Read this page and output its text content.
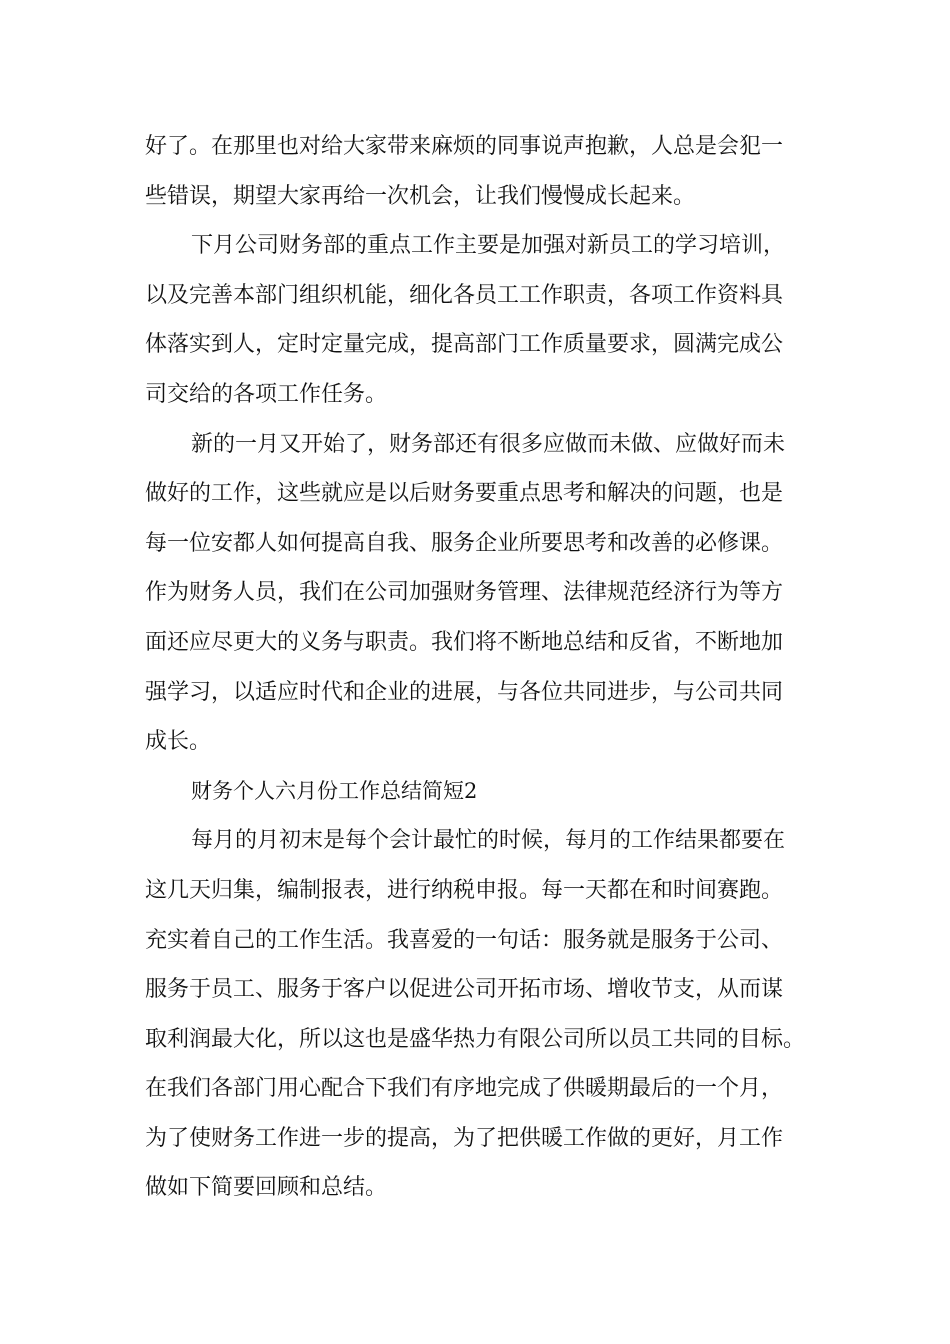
好了。在那里也对给大家带来麻烦的同事说声抱歉，人总是会犯一
些错误，期望大家再给一次机会，让我们慢慢成长起来。
下月公司财务部的重点工作主要是加强对新员工的学习培训，
以及完善本部门组织机能，细化各员工工作职责，各项工作资料具
体落实到人，定时定量完成，提高部门工作质量要求，圆满完成公
司交给的各项工作任务。
新的一月又开始了，财务部还有很多应做而未做、应做好而未
做好的工作，这些就应是以后财务要重点思考和解决的问题，也是
每一位安都人如何提高自我、服务企业所要思考和改善的必修课。
作为财务人员，我们在公司加强财务管理、法律规范经济行为等方
面还应尽更大的义务与职责。我们将不断地总结和反省，不断地加
强学习，以适应时代和企业的进展，与各位共同进步，与公司共同
成长。
财务个人六月份工作总结简短2
每月的月初末是每个会计最忙的时候，每月的工作结果都要在
这几天归集，编制报表，进行纳税申报。每一天都在和时间赛跑。
充实着自己的工作生活。我喜爱的一句话：服务就是服务于公司、
服务于员工、服务于客户以促进公司开拓市场、增收节支，从而谋
取利润最大化，所以这也是盛华热力有限公司所以员工共同的目标。
在我们各部门用心配合下我们有序地完成了供暖期最后的一个月，
为了使财务工作进一步的提高，为了把供暖工作做的更好，月工作
做如下简要回顾和总结。
